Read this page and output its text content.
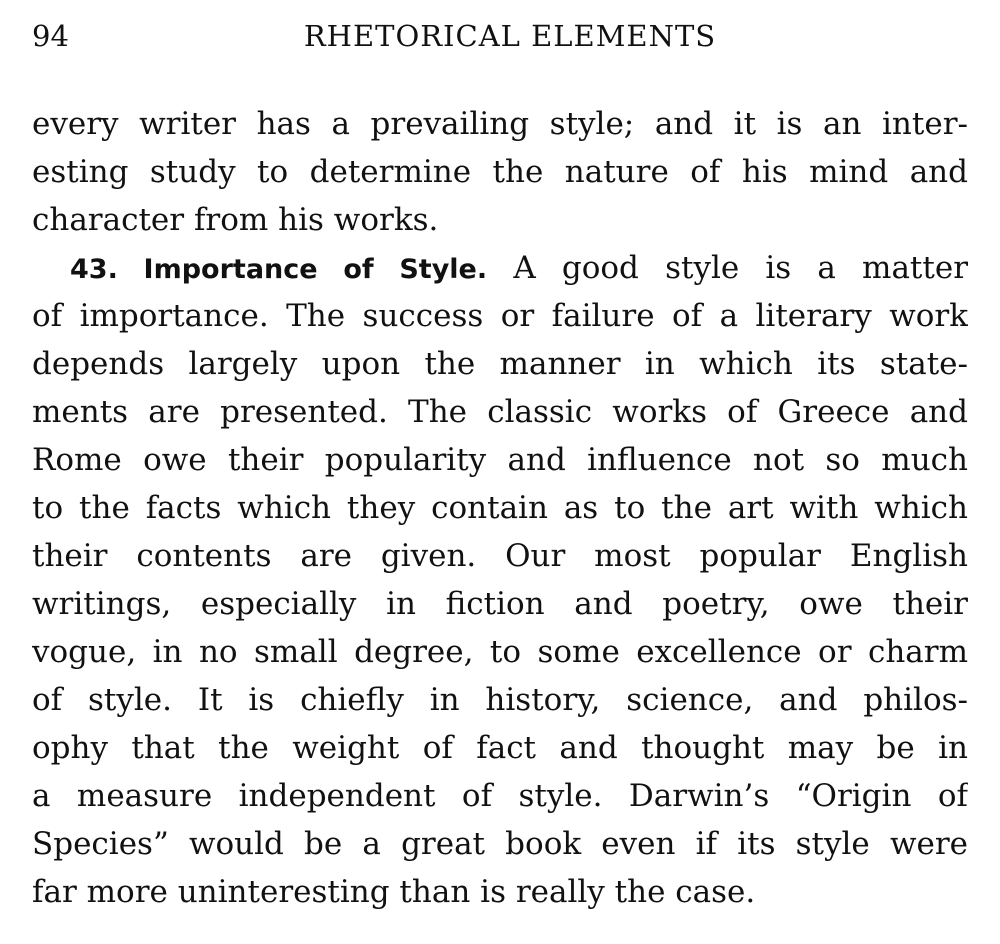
94	RHETORICAL ELEMENTS
every writer has a prevailing style; and it is an inter-
esting study to determine the nature of his mind and
character from his works.
43. Importance of Style. A good style is a matter
of importance. The success or failure of a literary work
depends largely upon the manner in which its state-
ments are presented. The classic works of Greece and
Rome owe their popularity and influence not so much
to the facts which they contain as to the art with which
their contents are given. Our most popular English
writings, especially in fiction and poetry, owe their
vogue, in no small degree, to some excellence or charm
of style. It is chiefly in history, science, and philos-
ophy that the weight of fact and thought may be in
a measure independent of style. Darwin’s “Origin of
Species” would be a great book even if its style were
far more uninteresting than is really the case.
